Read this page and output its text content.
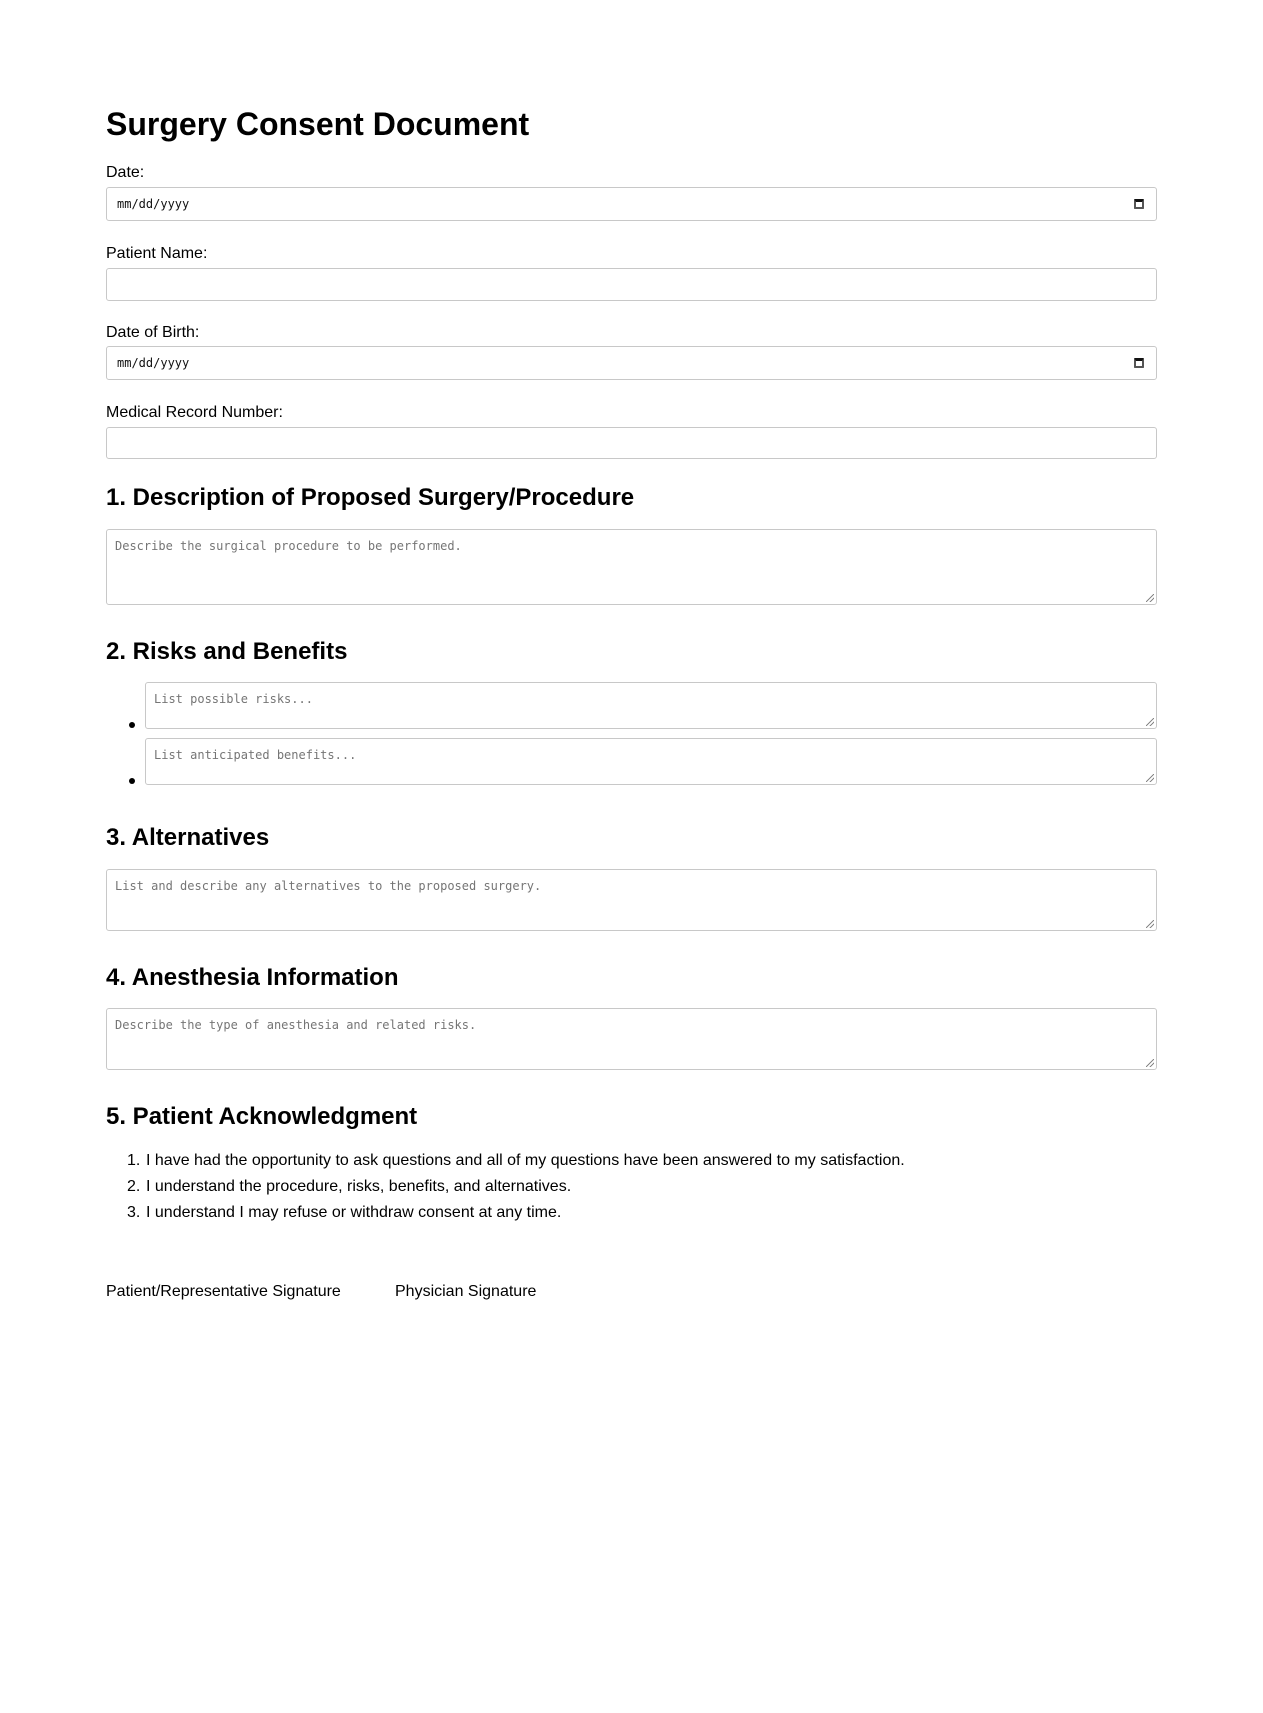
Surgery Consent Document
Date:
mm/dd/yyyy
Patient Name:
Date of Birth:
mm/dd/yyyy
Medical Record Number:
1. Description of Proposed Surgery/Procedure
Describe the surgical procedure to be performed.
2. Risks and Benefits
List possible risks...
List anticipated benefits...
3. Alternatives
List and describe any alternatives to the proposed surgery.
4. Anesthesia Information
Describe the type of anesthesia and related risks.
5. Patient Acknowledgment
1. I have had the opportunity to ask questions and all of my questions have been answered to my satisfaction.
2. I understand the procedure, risks, benefits, and alternatives.
3. I understand I may refuse or withdraw consent at any time.
Patient/Representative Signature	Physician Signature
